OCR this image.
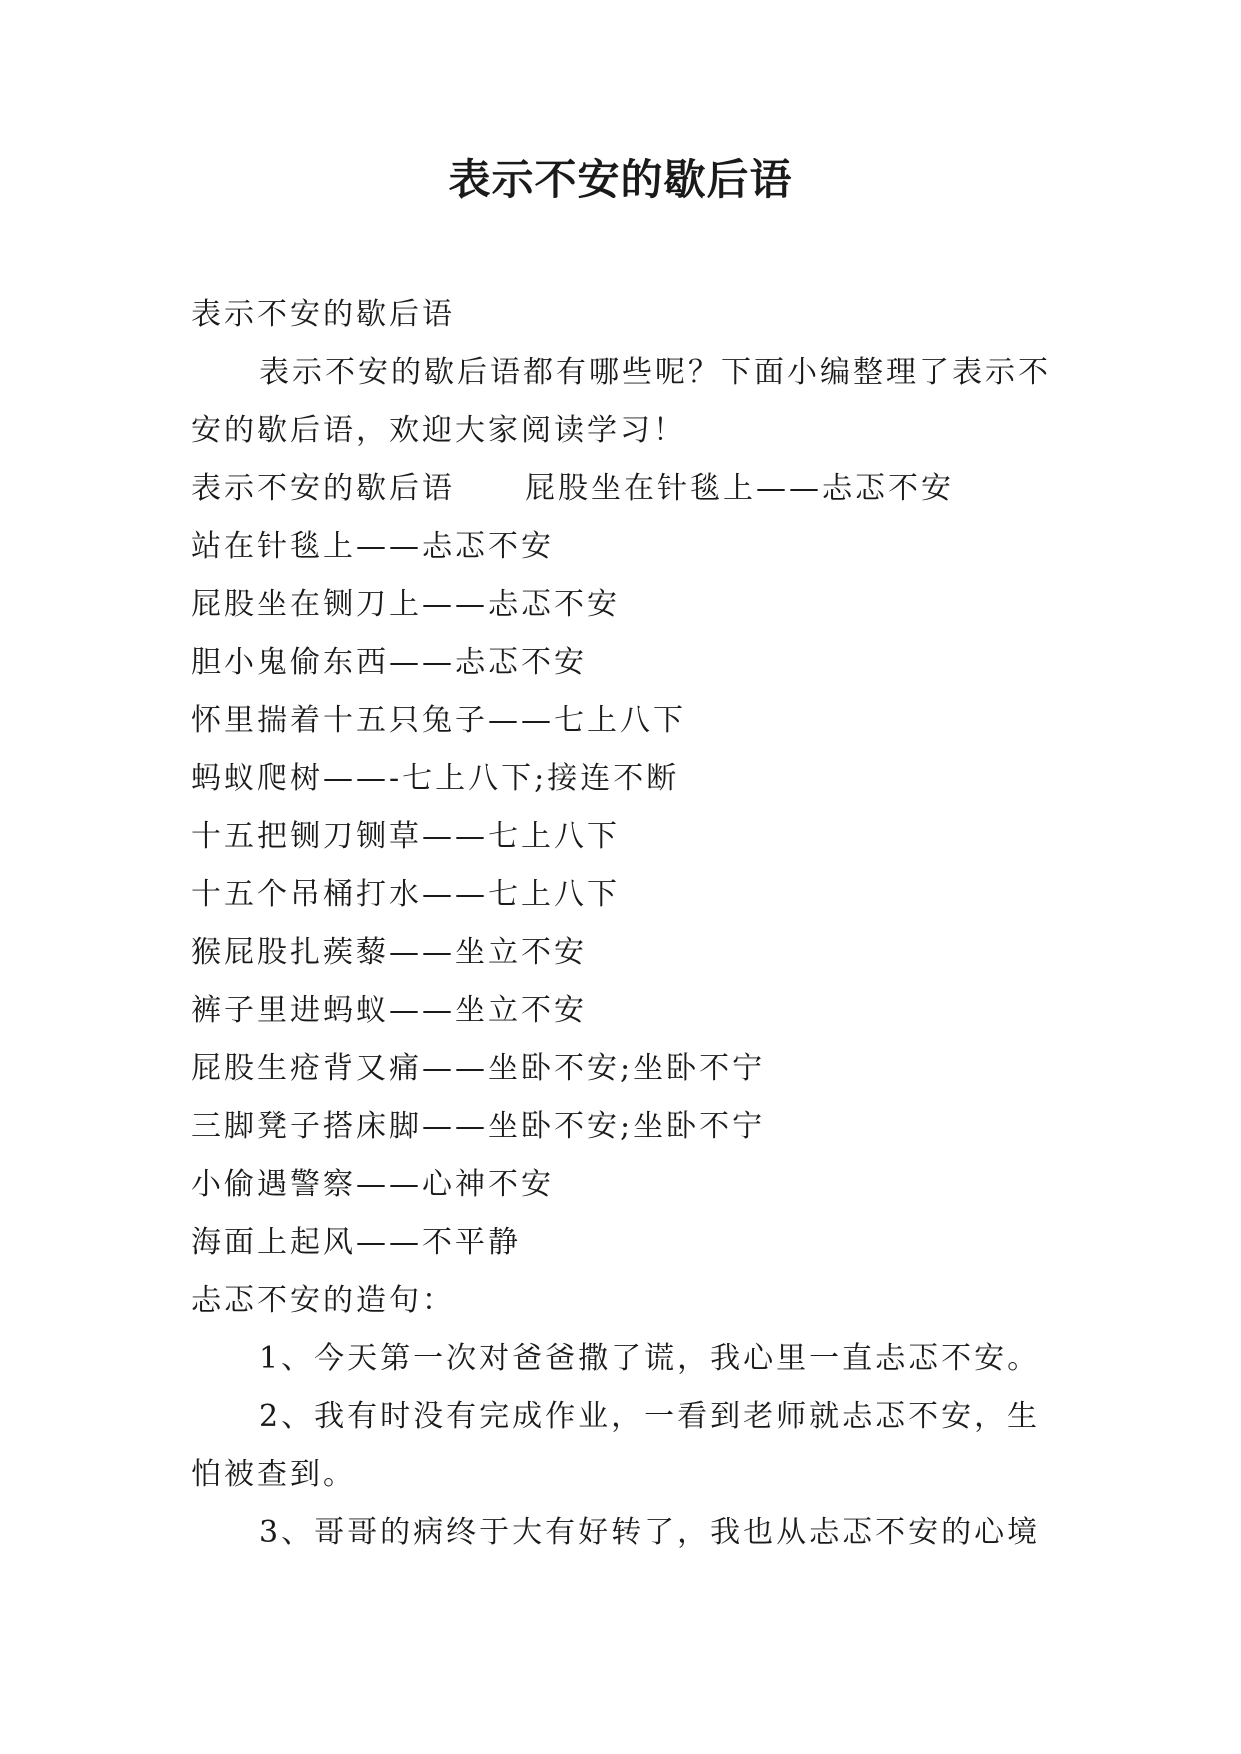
表示不安的歇后语

表示不安的歇后语

表示不安的歇后语都有哪些呢？下面小编整理了表示不安的歇后语，欢迎大家阅读学习！

表示不安的歇后语 屁股坐在针毯上——忐忑不安

站在针毯上——忐忑不安

屁股坐在铡刀上——忐忑不安

胆小鬼偷东西——忐忑不安

怀里揣着十五只兔子——七上八下

蚂蚁爬树——-七上八下;接连不断

十五把铡刀铡草——七上八下

十五个吊桶打水——七上八下

猴屁股扎蒺藜——坐立不安

裤子里进蚂蚁——坐立不安

屁股生疮背又痛——坐卧不安;坐卧不宁

三脚凳子搭床脚——坐卧不安;坐卧不宁

小偷遇警察——心神不安

海面上起风——不平静

忐忑不安的造句：

1、今天第一次对爸爸撒了谎，我心里一直忐忑不安。

2、我有时没有完成作业，一看到老师就忐忑不安，生怕被查到。

3、哥哥的病终于大有好转了，我也从忐忑不安的心境
